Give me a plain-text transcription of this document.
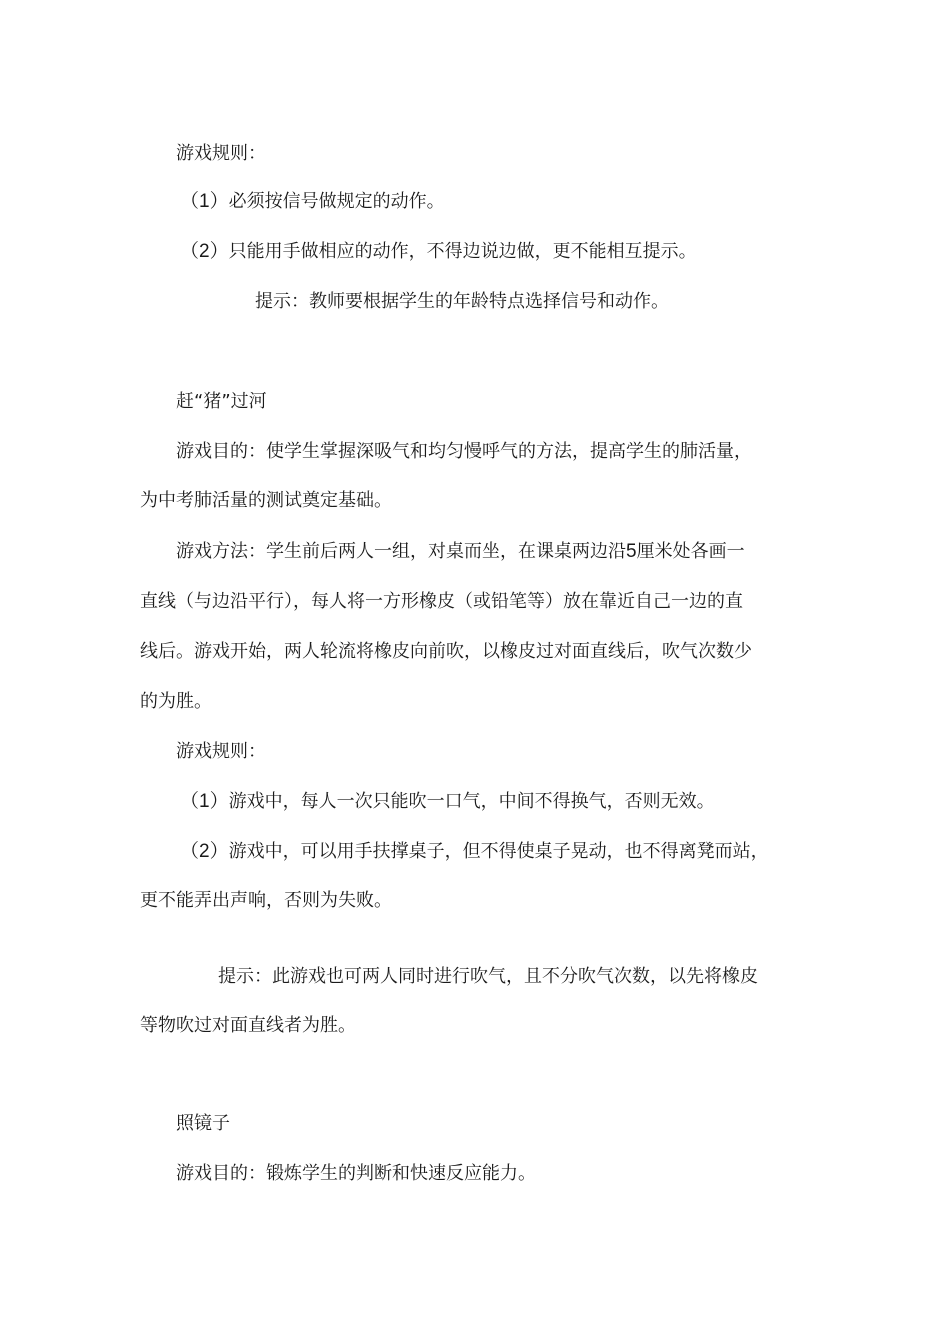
游戏规则：
（1）必须按信号做规定的动作。
（2）只能用手做相应的动作，不得边说边做，更不能相互提示。
提示：教师要根据学生的年龄特点选择信号和动作。
赶“猪”过河
游戏目的：使学生掌握深吸气和均匀慢呼气的方法，提高学生的肺活量，
为中考肺活量的测试奠定基础。
游戏方法：学生前后两人一组，对桌而坐，在课桌两边沿5厘米处各画一
直线（与边沿平行），每人将一方形橡皮（或铅笔等）放在靠近自己一边的直
线后。游戏开始，两人轮流将橡皮向前吹，以橡皮过对面直线后，吹气次数少
的为胜。
游戏规则：
（1）游戏中，每人一次只能吹一口气，中间不得换气，否则无效。
（2）游戏中，可以用手扶撑桌子，但不得使桌子晃动，也不得离凳而站，
更不能弄出声响，否则为失败。
提示：此游戏也可两人同时进行吹气，且不分吹气次数，以先将橡皮
等物吹过对面直线者为胜。
照镜子
游戏目的：锻炼学生的判断和快速反应能力。
